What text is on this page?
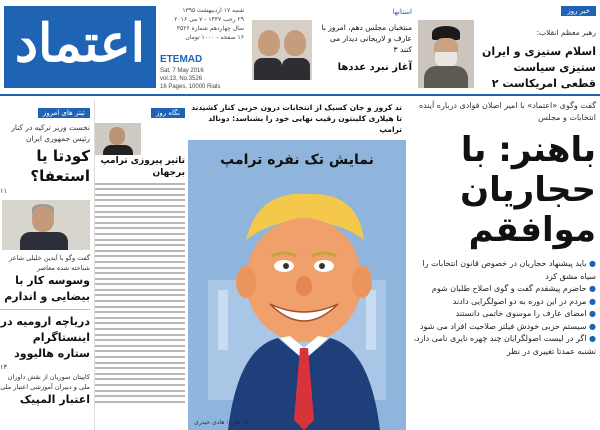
اعتماد
شنبه ۱۷ اردیبهشت ۱۳۹۵
۲۹ رجب ۱۴۳۷ - ۷ می ۲۰۱۶
سال چهاردهم شماره ۳۵۲۶
۱۶ صفحه - ۱۰۰۰ تومان
ETEMAD
Sat, 7 May 2016
vol.13, No.3526
16 Pages, 10000 Rials
استانها
منتخبان مجلس دهم، امروز با عارف و لاریجانی دیدار می کنند ۳
آغاز نبرد عددها
خبر روز
رهبر معظم انقلاب:
اسلام ستیزی و ایران ستیزی سیاست قطعی امریکاست ۲
تیتر های امروز
نخست وزیر ترکیه در کنار رئیس جمهوری ایران
کودتا یا استعفا؟
۱۱
گفت وگو با آیدین خلیلی شاعر شناخته شده معاصر
وسوسه کار با بیضایی و اندارم
دریاچه ارومیه در اینستاگرام ستاره هالیوود
۱۳
کاپیتان سوریان از نقش داوران ملی و دبیران آموزشی اعتبار ملی
اعتبار المپیک
نگاه روز
تاثیر پیروزی ترامپ برجهان
تد کروز و جان کسیک از انتخابات درون حزبی کنار کشیدند تا هیلاری کلینتون رقیب نهایی خود را بشناسد: دونالد ترامپ
نمایش تک نفره ترامپ
۱۶ طرح: هادی حیدری
گفت وگوی «اعتماد» با امیر اصلان فوادی درباره آینده انتخابات و مجلس
باهنر: با حجاریان موافقم
● باید پیشنهاد حجاریان در خصوص قانون انتخابات را سیاه مشق کرد
● حاضرم پیشقدم گفت و گوی اصلاح طلبان شوم
● مردم در این دوره به دو اصولگرایی دادند
● امضای عارف را موسوی خاتمی دانستند
● سیستم حزبی خودش فیلتر صلاحیت افراد می شود
● اگر در لیست اصولگرایان چند چهره نایری نامی دارد، نشنبه عمدتا تغییری در نظر
